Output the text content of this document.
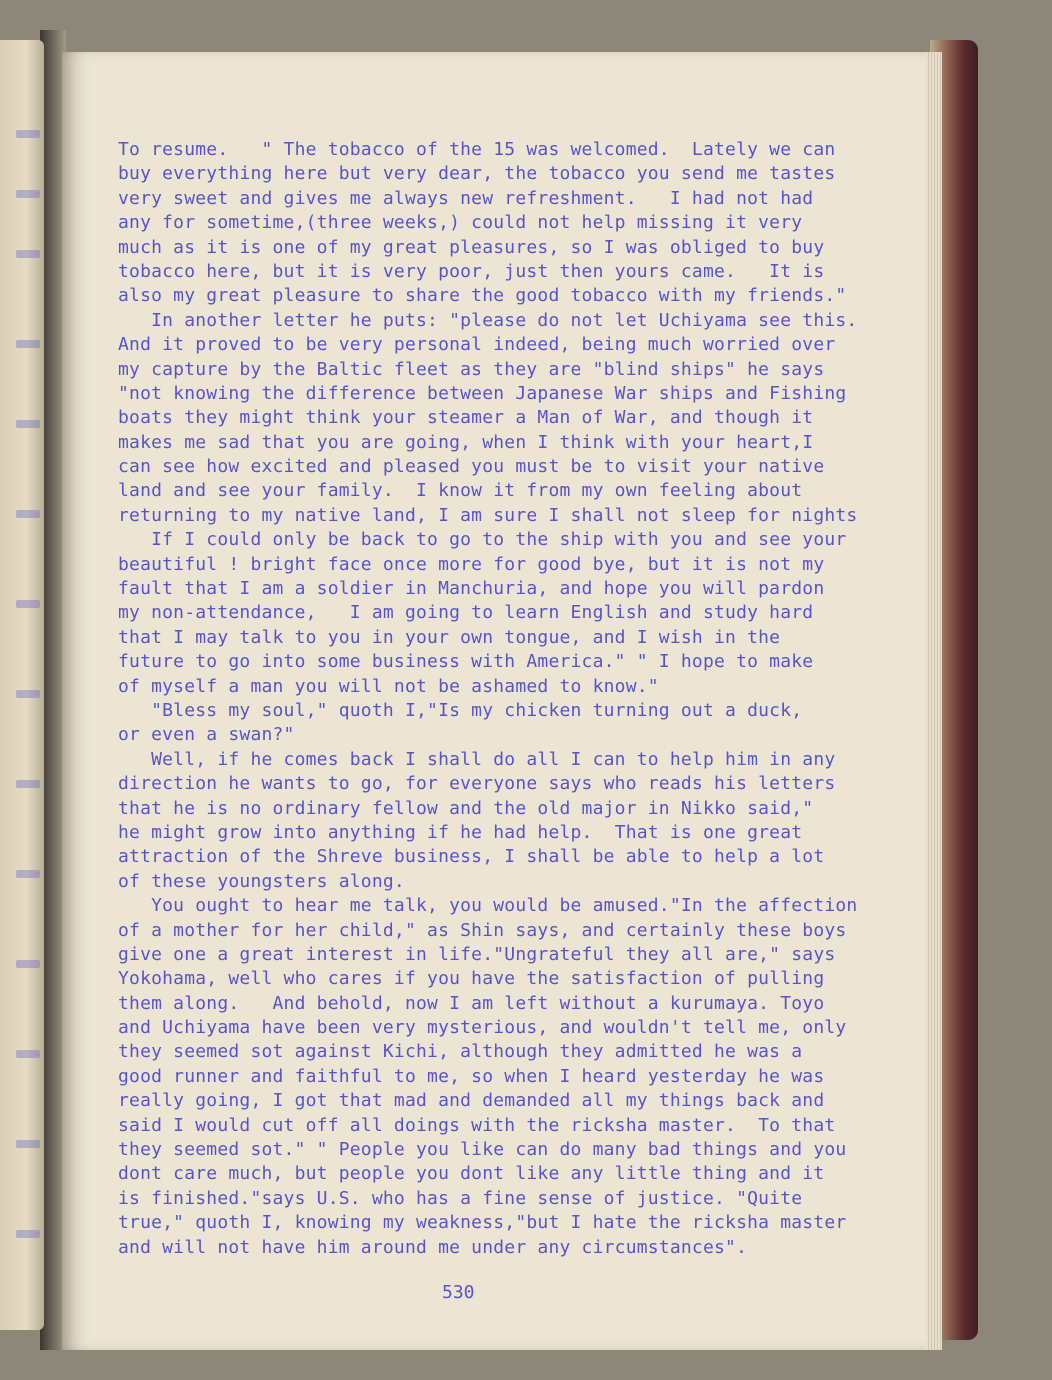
To resume.   " The tobacco of the 15 was welcomed.  Lately we can
buy everything here but very dear, the tobacco you send me tastes
very sweet and gives me always new refreshment.   I had not had
any for sometime,(three weeks,) could not help missing it very
much as it is one of my great pleasures, so I was obliged to buy
tobacco here, but it is very poor, just then yours came.   It is
also my great pleasure to share the good tobacco with my friends."
In another letter he puts: "please do not let Uchiyama see this.
And it proved to be very personal indeed, being much worried over
my capture by the Baltic fleet as they are "blind ships" he says
"not knowing the difference between Japanese War ships and Fishing
boats they might think your steamer a Man of War, and though it
makes me sad that you are going, when I think with your heart,I
can see how excited and pleased you must be to visit your native
land and see your family.  I know it from my own feeling about
returning to my native land, I am sure I shall not sleep for nights
If I could only be back to go to the ship with you and see your
beautiful ! bright face once more for good bye, but it is not my
fault that I am a soldier in Manchuria, and hope you will pardon
my non-attendance,   I am going to learn English and study hard
that I may talk to you in your own tongue, and I wish in the
future to go into some business with America." " I hope to make
of myself a man you will not be ashamed to know."
"Bless my soul," quoth I,"Is my chicken turning out a duck,
or even a swan?"
Well, if he comes back I shall do all I can to help him in any
direction he wants to go, for everyone says who reads his letters
that he is no ordinary fellow and the old major in Nikko said,"
he might grow into anything if he had help.  That is one great
attraction of the Shreve business, I shall be able to help a lot
of these youngsters along.
You ought to hear me talk, you would be amused."In the affection
of a mother for her child," as Shin says, and certainly these boys
give one a great interest in life."Ungrateful they all are," says
Yokohama, well who cares if you have the satisfaction of pulling
them along.   And behold, now I am left without a kurumaya. Toyo
and Uchiyama have been very mysterious, and wouldn't tell me, only
they seemed sot against Kichi, although they admitted he was a
good runner and faithful to me, so when I heard yesterday he was
really going, I got that mad and demanded all my things back and
said I would cut off all doings with the ricksha master.  To that
they seemed sot." " People you like can do many bad things and you
dont care much, but people you dont like any little thing and it
is finished."says U.S. who has a fine sense of justice. "Quite
true," quoth I, knowing my weakness,"but I hate the ricksha master
and will not have him around me under any circumstances".
530
